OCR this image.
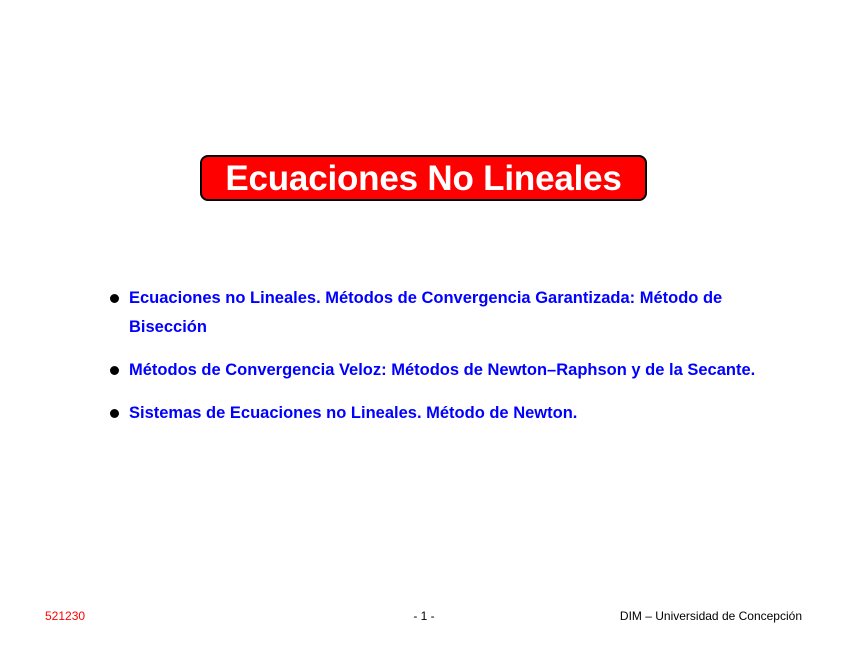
Ecuaciones No Lineales
Ecuaciones no Lineales. Métodos de Convergencia Garantizada: Método de Bisección
Métodos de Convergencia Veloz: Métodos de Newton–Raphson y de la Secante.
Sistemas de Ecuaciones no Lineales. Método de Newton.
521230	- 1 -	DIM – Universidad de Concepción
